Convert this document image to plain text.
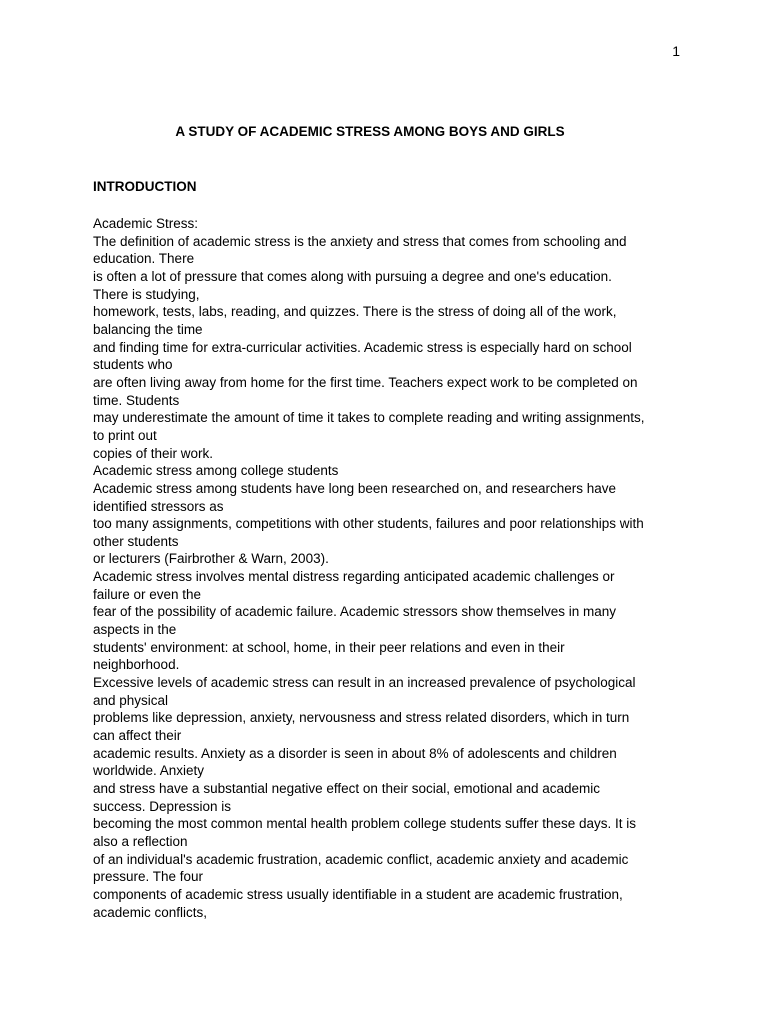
1
A STUDY OF ACADEMIC STRESS AMONG BOYS AND GIRLS
INTRODUCTION
Academic Stress:
The definition of academic stress is the anxiety and stress that comes from schooling and
education. There
is often a lot of pressure that comes along with pursuing a degree and one's education.
There is studying,
homework, tests, labs, reading, and quizzes. There is the stress of doing all of the work,
balancing the time
and finding time for extra-curricular activities. Academic stress is especially hard on school
students who
are often living away from home for the first time. Teachers expect work to be completed on
time. Students
may underestimate the amount of time it takes to complete reading and writing assignments,
to print out
copies of their work.
Academic stress among college students
Academic stress among students have long been researched on, and researchers have
identified stressors as
too many assignments, competitions with other students, failures and poor relationships with
other students
or lecturers (Fairbrother & Warn, 2003).
Academic stress involves mental distress regarding anticipated academic challenges or
failure or even the
fear of the possibility of academic failure. Academic stressors show themselves in many
aspects in the
students' environment: at school, home, in their peer relations and even in their
neighborhood.
Excessive levels of academic stress can result in an increased prevalence of psychological
and physical
problems like depression, anxiety, nervousness and stress related disorders, which in turn
can affect their
academic results. Anxiety as a disorder is seen in about 8% of adolescents and children
worldwide. Anxiety
and stress have a substantial negative effect on their social, emotional and academic
success. Depression is
becoming the most common mental health problem college students suffer these days. It is
also a reflection
of an individual's academic frustration, academic conflict, academic anxiety and academic
pressure. The four
components of academic stress usually identifiable in a student are academic frustration,
academic conflicts,
